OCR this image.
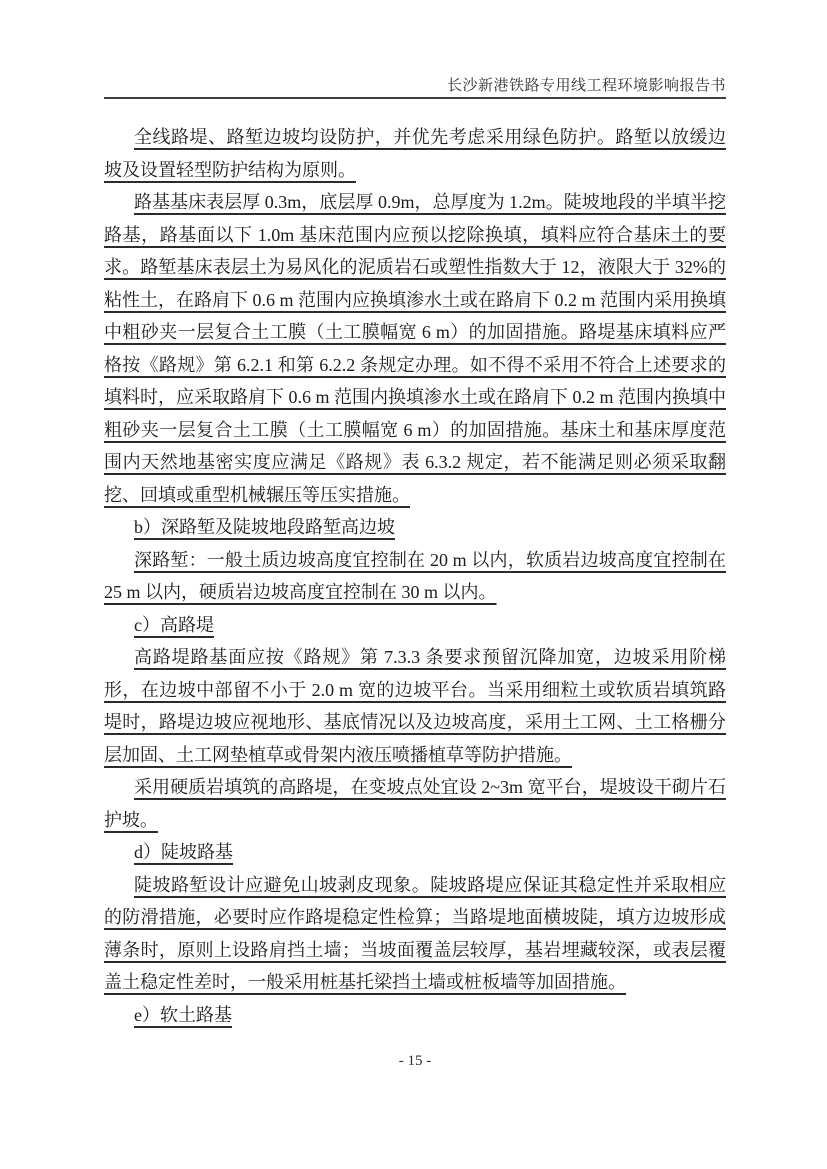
长沙新港铁路专用线工程环境影响报告书

全线路堤、路堑边坡均设防护，并优先考虑采用绿色防护。路堑以放缓边坡及设置轻型防护结构为原则。

路基基床表层厚 0.3m，底层厚 0.9m，总厚度为 1.2m。陡坡地段的半填半挖路基，路基面以下 1.0m 基床范围内应预以挖除换填，填料应符合基床土的要求。路堑基床表层土为易风化的泥质岩石或塑性指数大于 12，液限大于 32%的粘性土，在路肩下 0.6 m 范围内应换填渗水土或在路肩下 0.2 m 范围内采用换填中粗砂夹一层复合土工膜（土工膜幅宽 6 m）的加固措施。路堤基床填料应严格按《路规》第 6.2.1 和第 6.2.2 条规定办理。如不得不采用不符合上述要求的填料时，应采取路肩下 0.6 m 范围内换填渗水土或在路肩下 0.2 m 范围内换填中粗砂夹一层复合土工膜（土工膜幅宽 6 m）的加固措施。基床土和基床厚度范围内天然地基密实度应满足《路规》表 6.3.2 规定，若不能满足则必须采取翻挖、回填或重型机械辗压等压实措施。

b）深路堑及陡坡地段路堑高边坡

深路堑：一般土质边坡高度宜控制在 20 m 以内，软质岩边坡高度宜控制在 25 m 以内，硬质岩边坡高度宜控制在 30 m 以内。

c）高路堤

高路堤路基面应按《路规》第 7.3.3 条要求预留沉降加宽，边坡采用阶梯形，在边坡中部留不小于 2.0 m 宽的边坡平台。当采用细粒土或软质岩填筑路堤时，路堤边坡应视地形、基底情况以及边坡高度，采用土工网、土工格栅分层加固、土工网垫植草或骨架内液压喷播植草等防护措施。

采用硬质岩填筑的高路堤，在变坡点处宜设 2~3m 宽平台，堤坡设干砌片石护坡。

d）陡坡路基

陡坡路堑设计应避免山坡剥皮现象。陡坡路堤应保证其稳定性并采取相应的防滑措施，必要时应作路堤稳定性检算；当路堤地面横坡陡，填方边坡形成薄条时，原则上设路肩挡土墙；当坡面覆盖层较厚，基岩埋藏较深，或表层覆盖土稳定性差时，一般采用桩基托梁挡土墙或桩板墙等加固措施。

e）软土路基

- 15 -
